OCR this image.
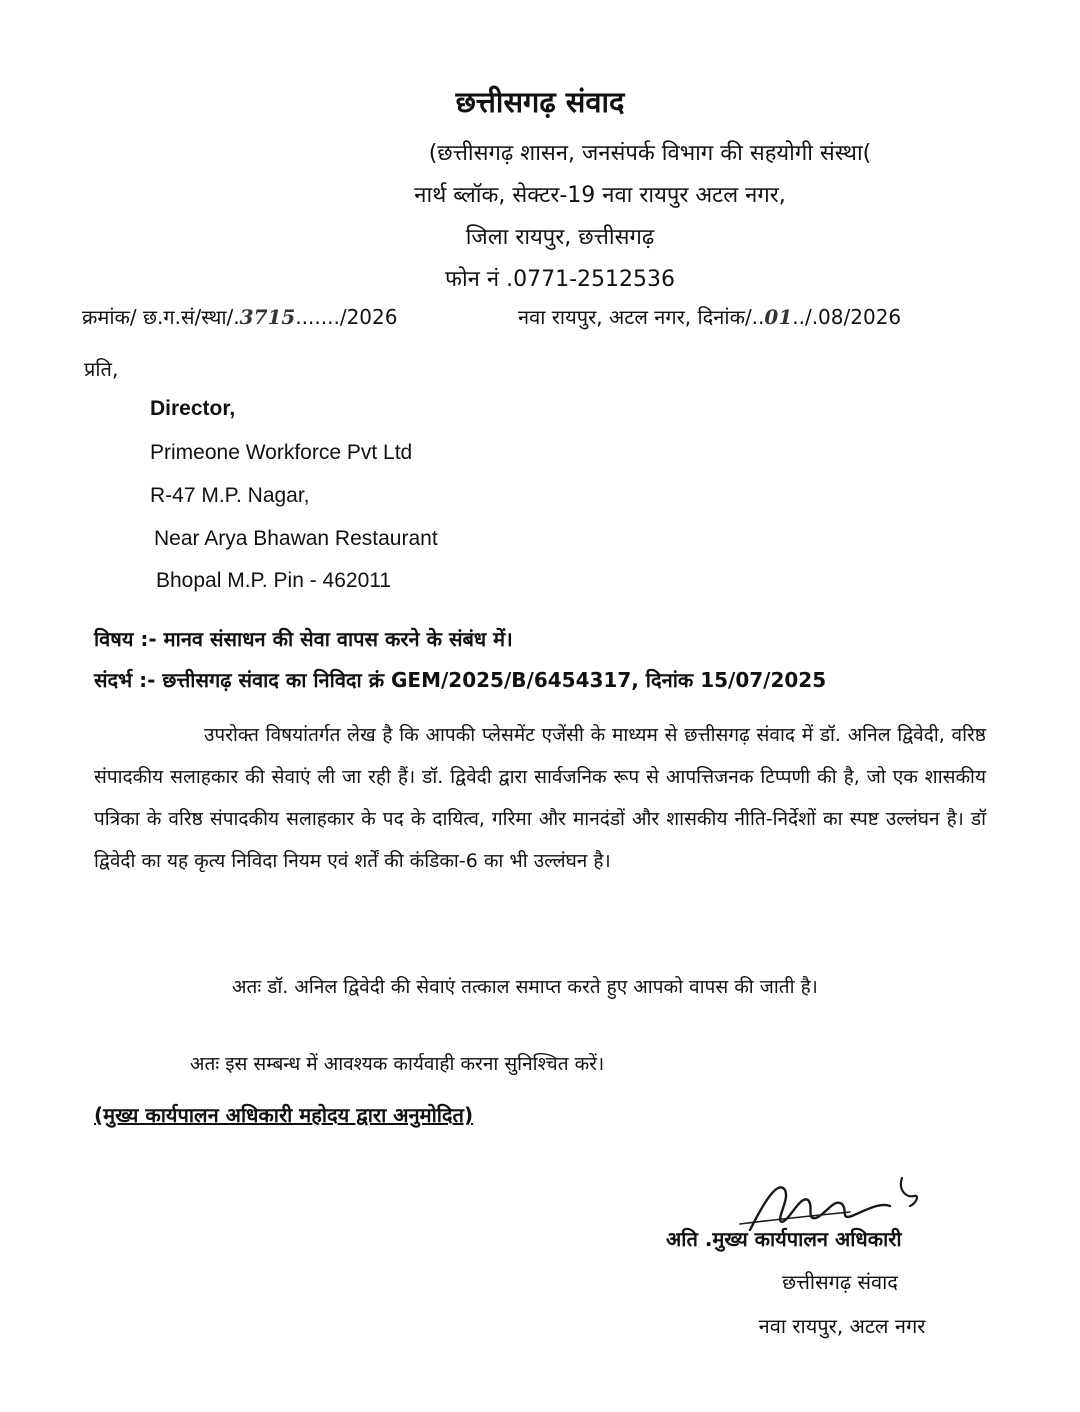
छत्तीसगढ़ संवाद
(छत्तीसगढ़ शासन, जनसंपर्क विभाग की सहयोगी संस्था(
नार्थ ब्लॉक, सेक्टर-19 नवा रायपुर अटल नगर,
जिला रायपुर, छत्तीसगढ़
फोन नं .0771-2512536
क्रमांक/ छ.ग.सं/स्था/.3715......./2026	नवा रायपुर, अटल नगर, दिनांक/..01../.08/2026
प्रति,
Director,
Primeone Workforce Pvt Ltd
R-47 M.P. Nagar,
Near Arya Bhawan Restaurant
Bhopal M.P. Pin - 462011
विषय :- मानव संसाधन की सेवा वापस करने के संबंध में।
संदर्भ :- छत्तीसगढ़ संवाद का निविदा क्रं GEM/2025/B/6454317, दिनांक 15/07/2025
उपरोक्त विषयांतर्गत लेख है कि आपकी प्लेसमेंट एजेंसी के माध्यम से छत्तीसगढ़ संवाद में डॉ. अनिल द्विवेदी, वरिष्ठ संपादकीय सलाहकार की सेवाएं ली जा रही हैं। डॉ. द्विवेदी द्वारा सार्वजनिक रूप से आपत्तिजनक टिप्पणी की है, जो एक शासकीय पत्रिका के वरिष्ठ संपादकीय सलाहकार के पद के दायित्व, गरिमा और मानदंडों और शासकीय नीति-निर्देशों का स्पष्ट उल्लंघन है। डॉ द्विवेदी का यह कृत्य निविदा नियम एवं शर्तें की कंडिका-6 का भी उल्लंघन है।
अतः डॉ. अनिल द्विवेदी की सेवाएं तत्काल समाप्त करते हुए आपको वापस की जाती है।
अतः इस सम्बन्ध में आवश्यक कार्यवाही करना सुनिश्चित करें।
(मुख्य कार्यपालन अधिकारी महोदय द्वारा अनुमोदित)
अति .मुख्य कार्यपालन अधिकारी
छत्तीसगढ़ संवाद
नवा रायपुर, अटल नगर
